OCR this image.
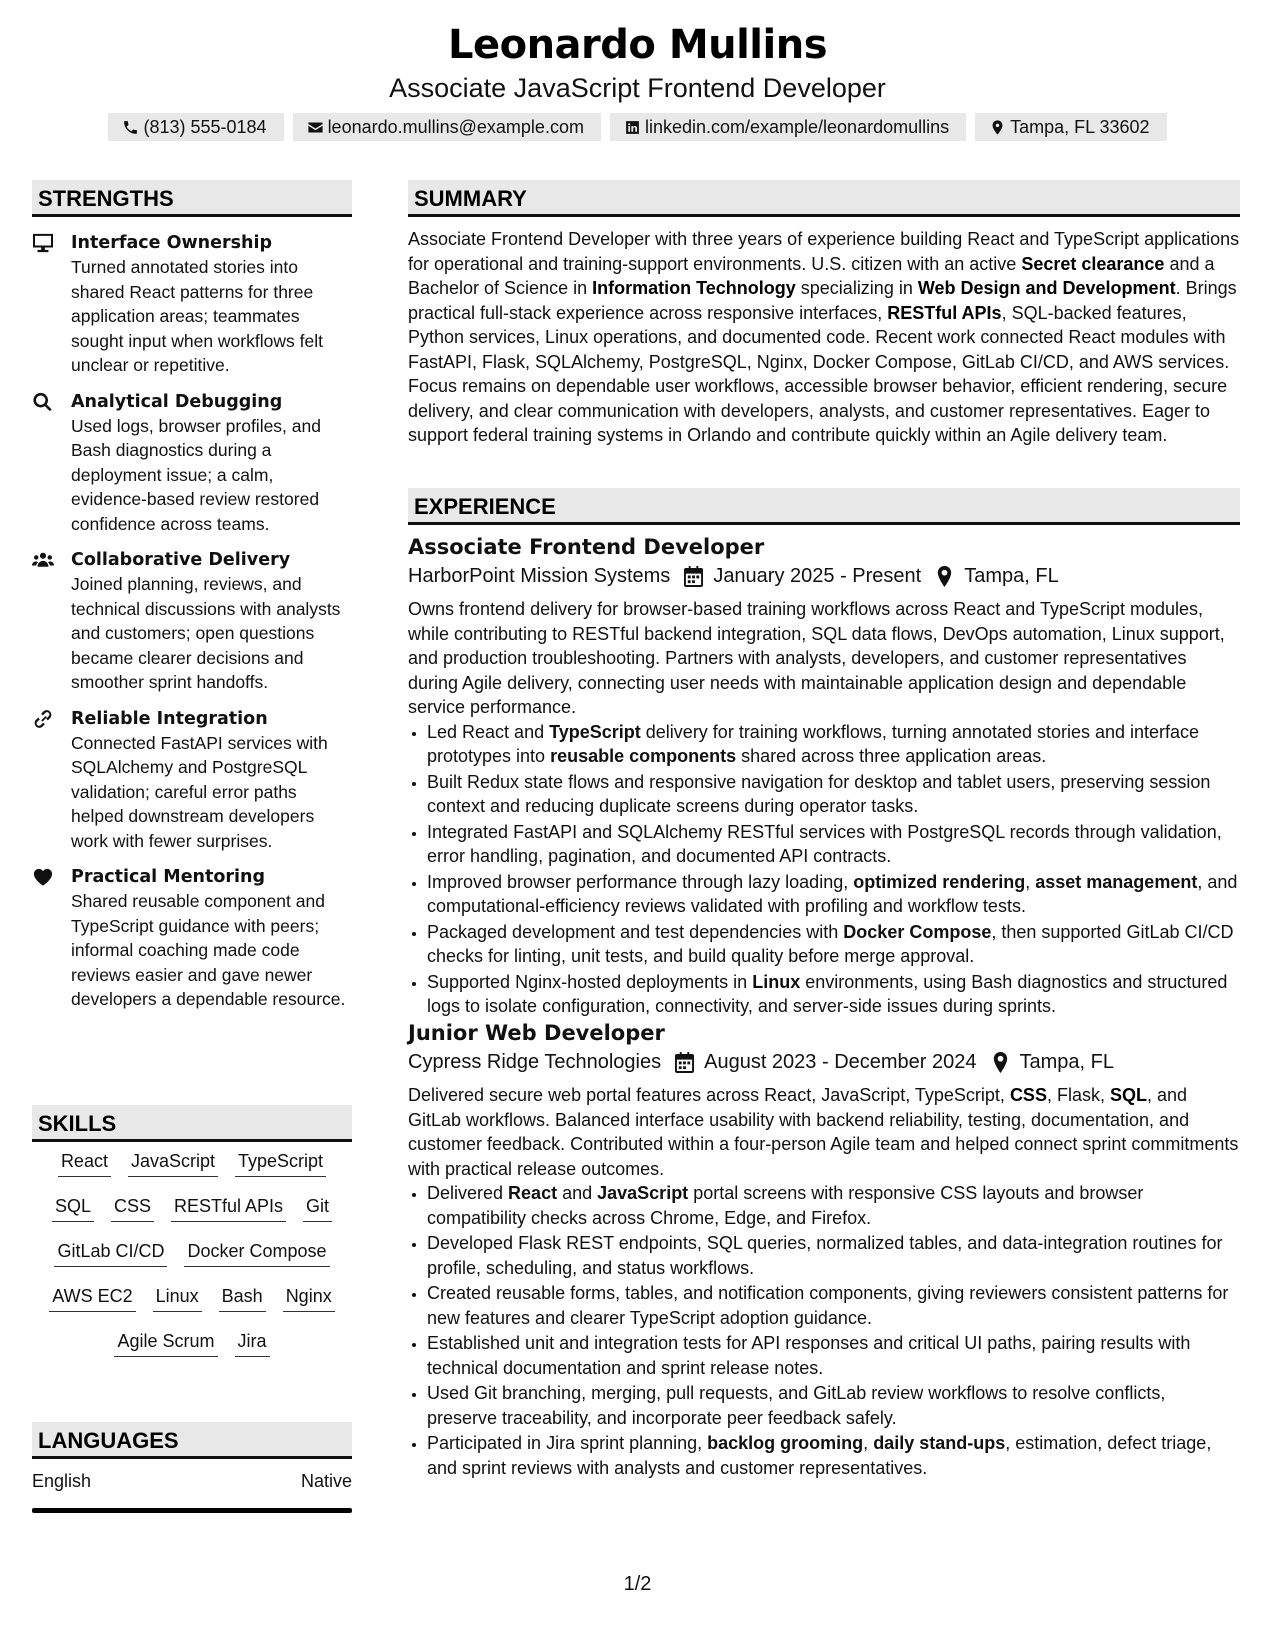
Leonardo Mullins
Associate JavaScript Frontend Developer
(813) 555-0184	leonardo.mullins@example.com	linkedin.com/example/leonardomullins	Tampa, FL 33602
STRENGTHS
Interface Ownership
Turned annotated stories into shared React patterns for three application areas; teammates sought input when workflows felt unclear or repetitive.
Analytical Debugging
Used logs, browser profiles, and Bash diagnostics during a deployment issue; a calm, evidence-based review restored confidence across teams.
Collaborative Delivery
Joined planning, reviews, and technical discussions with analysts and customers; open questions became clearer decisions and smoother sprint handoffs.
Reliable Integration
Connected FastAPI services with SQLAlchemy and PostgreSQL validation; careful error paths helped downstream developers work with fewer surprises.
Practical Mentoring
Shared reusable component and TypeScript guidance with peers; informal coaching made code reviews easier and gave newer developers a dependable resource.
SKILLS
React JavaScript TypeScript
SQL CSS RESTful APIs Git
GitLab CI/CD Docker Compose
AWS EC2 Linux Bash Nginx
Agile Scrum Jira
LANGUAGES
English	Native
SUMMARY
Associate Frontend Developer with three years of experience building React and TypeScript applications for operational and training-support environments. U.S. citizen with an active Secret clearance and a Bachelor of Science in Information Technology specializing in Web Design and Development. Brings practical full-stack experience across responsive interfaces, RESTful APIs, SQL-backed features, Python services, Linux operations, and documented code. Recent work connected React modules with FastAPI, Flask, SQLAlchemy, PostgreSQL, Nginx, Docker Compose, GitLab CI/CD, and AWS services. Focus remains on dependable user workflows, accessible browser behavior, efficient rendering, secure delivery, and clear communication with developers, analysts, and customer representatives. Eager to support federal training systems in Orlando and contribute quickly within an Agile delivery team.
EXPERIENCE
Associate Frontend Developer
HarborPoint Mission Systems January 2025 - Present Tampa, FL
Owns frontend delivery for browser-based training workflows across React and TypeScript modules, while contributing to RESTful backend integration, SQL data flows, DevOps automation, Linux support, and production troubleshooting. Partners with analysts, developers, and customer representatives during Agile delivery, connecting user needs with maintainable application design and dependable service performance.
• Led React and TypeScript delivery for training workflows, turning annotated stories and interface prototypes into reusable components shared across three application areas.
• Built Redux state flows and responsive navigation for desktop and tablet users, preserving session context and reducing duplicate screens during operator tasks.
• Integrated FastAPI and SQLAlchemy RESTful services with PostgreSQL records through validation, error handling, pagination, and documented API contracts.
• Improved browser performance through lazy loading, optimized rendering, asset management, and computational-efficiency reviews validated with profiling and workflow tests.
• Packaged development and test dependencies with Docker Compose, then supported GitLab CI/CD checks for linting, unit tests, and build quality before merge approval.
• Supported Nginx-hosted deployments in Linux environments, using Bash diagnostics and structured logs to isolate configuration, connectivity, and server-side issues during sprints.
Junior Web Developer
Cypress Ridge Technologies August 2023 - December 2024 Tampa, FL
Delivered secure web portal features across React, JavaScript, TypeScript, CSS, Flask, SQL, and GitLab workflows. Balanced interface usability with backend reliability, testing, documentation, and customer feedback. Contributed within a four-person Agile team and helped connect sprint commitments with practical release outcomes.
• Delivered React and JavaScript portal screens with responsive CSS layouts and browser compatibility checks across Chrome, Edge, and Firefox.
• Developed Flask REST endpoints, SQL queries, normalized tables, and data-integration routines for profile, scheduling, and status workflows.
• Created reusable forms, tables, and notification components, giving reviewers consistent patterns for new features and clearer TypeScript adoption guidance.
• Established unit and integration tests for API responses and critical UI paths, pairing results with technical documentation and sprint release notes.
• Used Git branching, merging, pull requests, and GitLab review workflows to resolve conflicts, preserve traceability, and incorporate peer feedback safely.
• Participated in Jira sprint planning, backlog grooming, daily stand-ups, estimation, defect triage, and sprint reviews with analysts and customer representatives.
1/2
